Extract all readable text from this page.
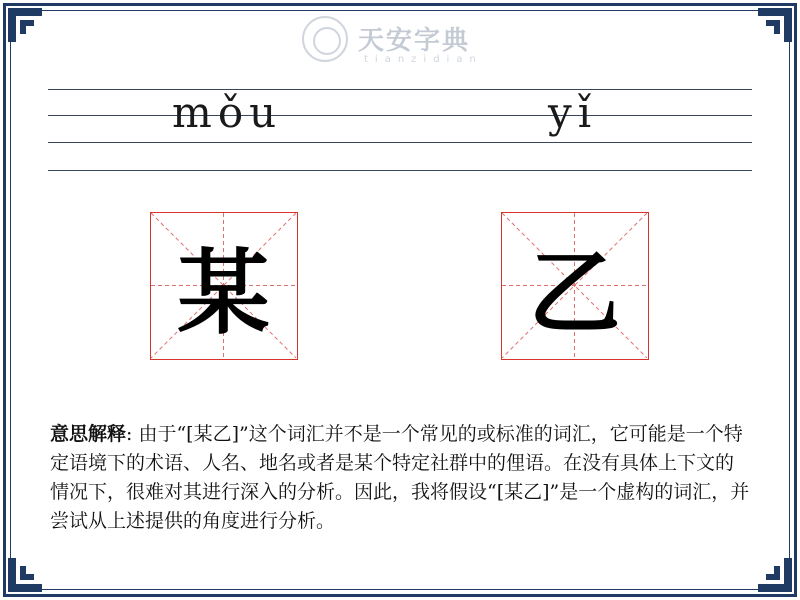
天安字典
tianzidian
mǒu	yǐ
某	乙
意思解释: 由于“[某乙]”这个词汇并不是一个常见的或标准的词汇，它可能是一个特定语境下的术语、人名、地名或者是某个特定社群中的俚语。在没有具体上下文的情况下，很难对其进行深入的分析。因此，我将假设“[某乙]”是一个虚构的词汇，并尝试从上述提供的角度进行分析。
